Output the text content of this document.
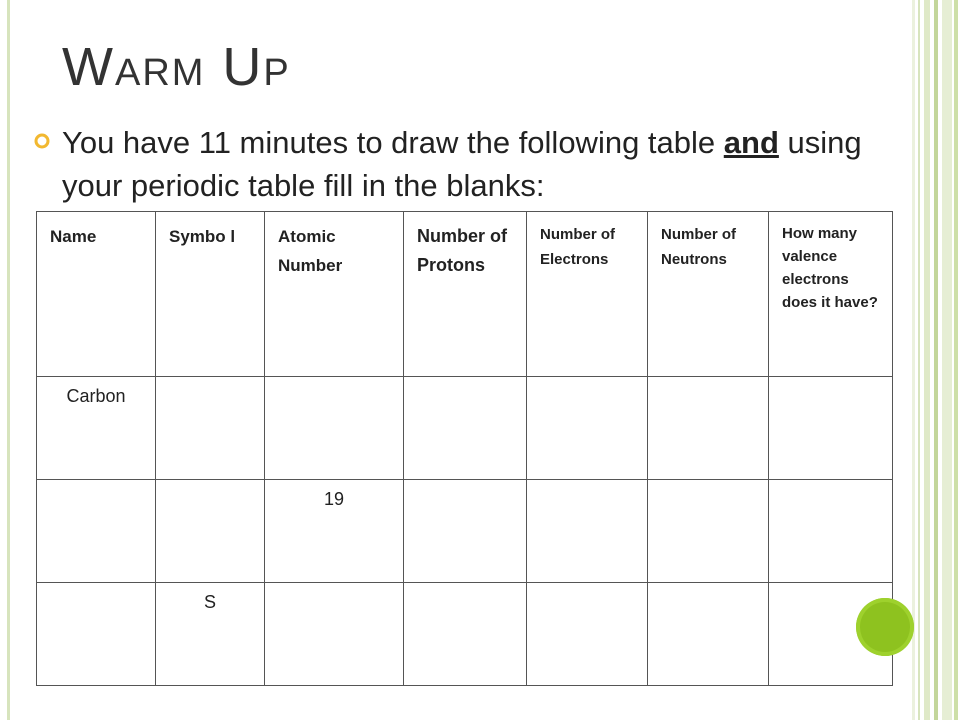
Warm Up

You have 11 minutes to draw the following table and using your periodic table fill in the blanks:

Name	Symbo l	Atomic Number	Number of Protons	Number of Electrons	Number of Neutrons	How many valence electrons does it have?

Carbon						

		19				

	S					
